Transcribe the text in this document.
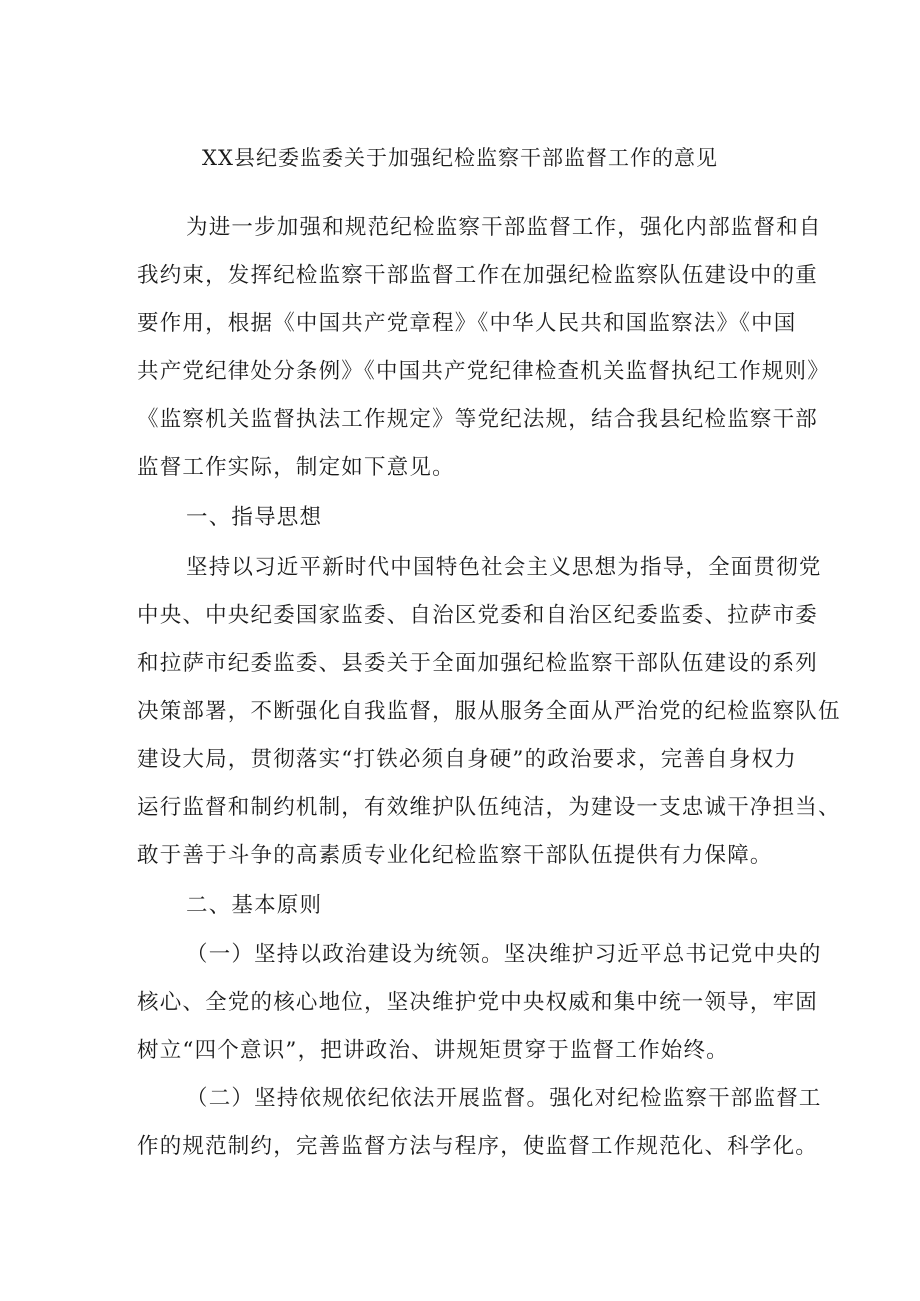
XX县纪委监委关于加强纪检监察干部监督工作的意见
为进一步加强和规范纪检监察干部监督工作，强化内部监督和自
我约束，发挥纪检监察干部监督工作在加强纪检监察队伍建设中的重
要作用，根据《中国共产党章程》《中华人民共和国监察法》《中国
共产党纪律处分条例》《中国共产党纪律检查机关监督执纪工作规则》
《监察机关监督执法工作规定》等党纪法规，结合我县纪检监察干部
监督工作实际，制定如下意见。
一、指导思想
坚持以习近平新时代中国特色社会主义思想为指导，全面贯彻党
中央、中央纪委国家监委、自治区党委和自治区纪委监委、拉萨市委
和拉萨市纪委监委、县委关于全面加强纪检监察干部队伍建设的系列
决策部署，不断强化自我监督，服从服务全面从严治党的纪检监察队伍
建设大局，贯彻落实“打铁必须自身硬”的政治要求，完善自身权力
运行监督和制约机制，有效维护队伍纯洁，为建设一支忠诚干净担当、
敢于善于斗争的高素质专业化纪检监察干部队伍提供有力保障。
二、基本原则
（一）坚持以政治建设为统领。坚决维护习近平总书记党中央的
核心、全党的核心地位，坚决维护党中央权威和集中统一领导，牢固
树立“四个意识”，把讲政治、讲规矩贯穿于监督工作始终。
（二）坚持依规依纪依法开展监督。强化对纪检监察干部监督工
作的规范制约，完善监督方法与程序，使监督工作规范化、科学化。
